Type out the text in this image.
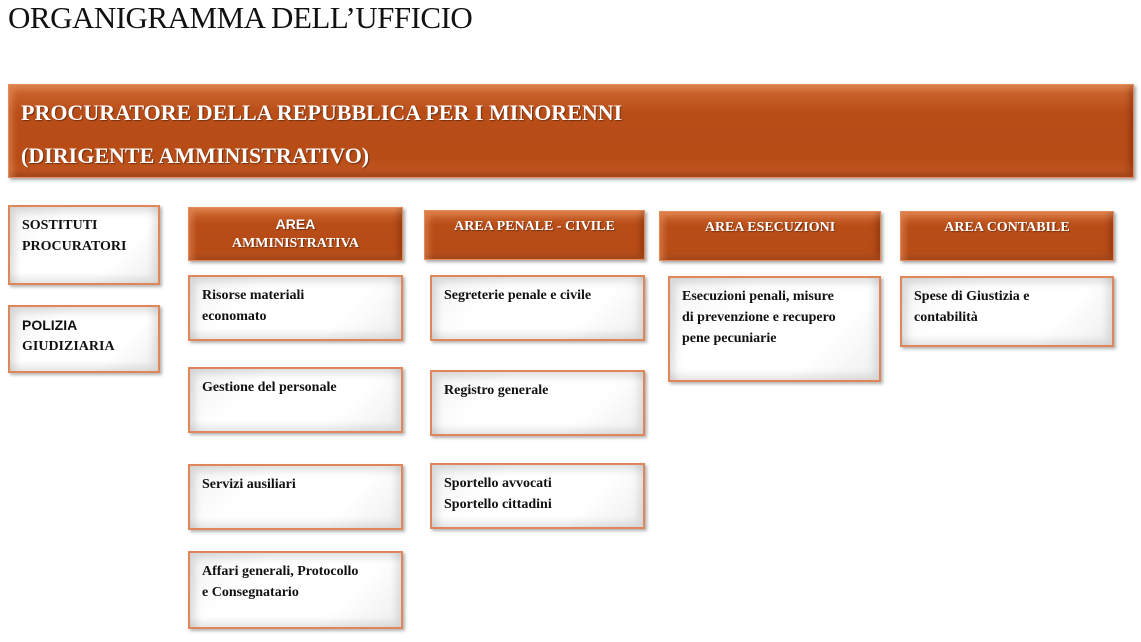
ORGANIGRAMMA DELL’UFFICIO
PROCURATORE DELLA REPUBBLICA PER I MINORENNI
(DIRIGENTE AMMINISTRATIVO)
SOSTITUTI
PROCURATORI
POLIZIA
GIUDIZIARIA
AREA
AMMINISTRATIVA
AREA PENALE - CIVILE	AREA ESECUZIONI	AREA CONTABILE
Risorse materiali
economato
Gestione del personale
Servizi ausiliari
Affari generali, Protocollo
e Consegnatario
Segreterie penale e civile
Registro generale
Sportello avvocati
Sportello cittadini
Esecuzioni penali, misure
di prevenzione e recupero
pene pecuniarie
Spese di Giustizia e
contabilità
